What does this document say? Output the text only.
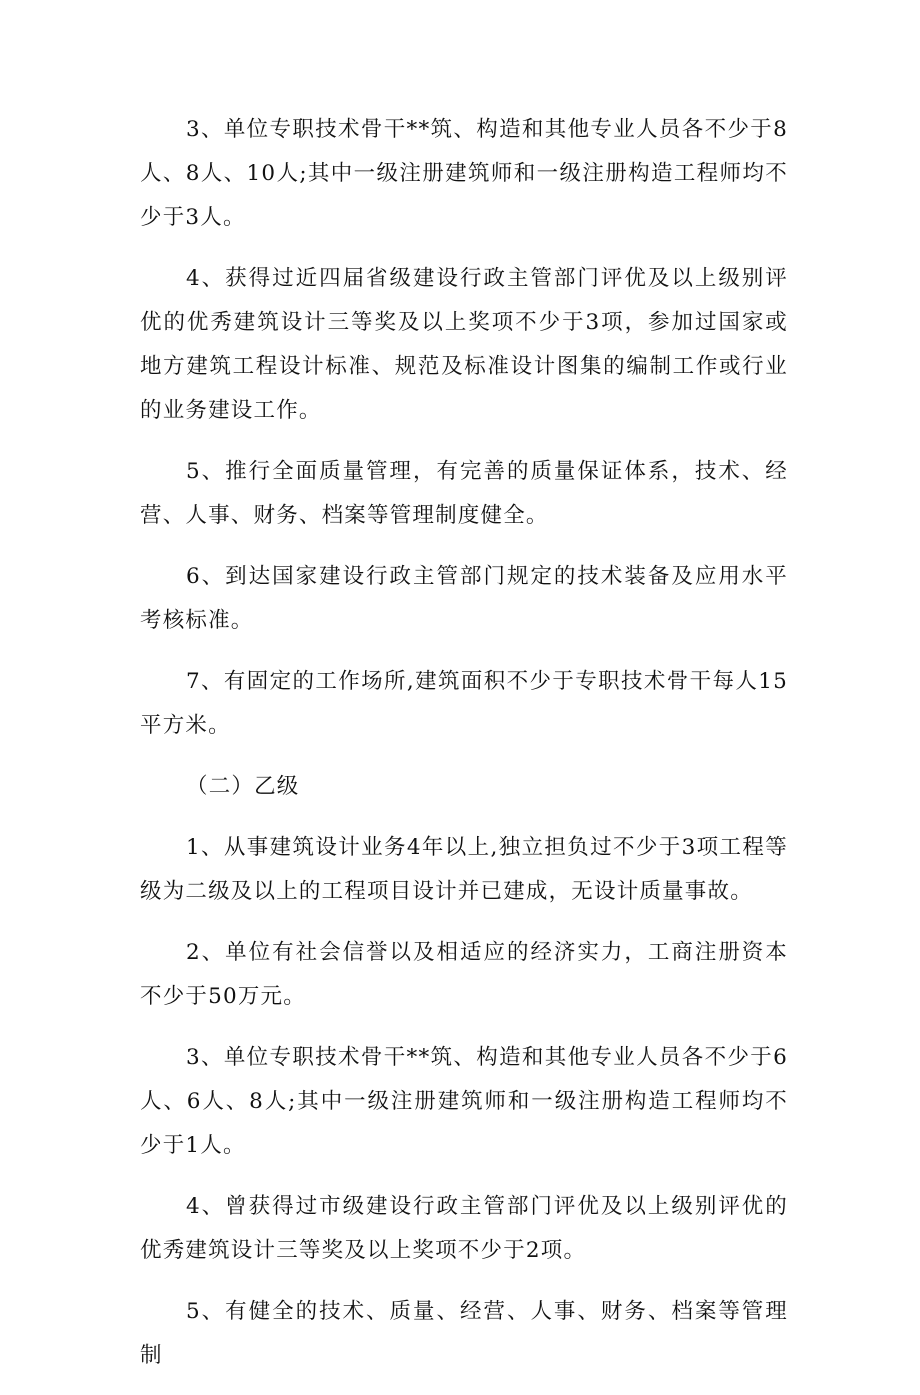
3、单位专职技术骨干**筑、构造和其他专业人员各不少于8人、8人、10人;其中一级注册建筑师和一级注册构造工程师均不少于3人。

4、获得过近四届省级建设行政主管部门评优及以上级别评优的优秀建筑设计三等奖及以上奖项不少于3项，参加过国家或地方建筑工程设计标准、规范及标准设计图集的编制工作或行业的业务建设工作。

5、推行全面质量管理，有完善的质量保证体系，技术、经营、人事、财务、档案等管理制度健全。

6、到达国家建设行政主管部门规定的技术装备及应用水平考核标准。

7、有固定的工作场所,建筑面积不少于专职技术骨干每人15平方米。

（二）乙级

1、从事建筑设计业务4年以上,独立担负过不少于3项工程等级为二级及以上的工程项目设计并已建成，无设计质量事故。

2、单位有社会信誉以及相适应的经济实力，工商注册资本不少于50万元。

3、单位专职技术骨干**筑、构造和其他专业人员各不少于6人、6人、8人;其中一级注册建筑师和一级注册构造工程师均不少于1人。

4、曾获得过市级建设行政主管部门评优及以上级别评优的优秀建筑设计三等奖及以上奖项不少于2项。

5、有健全的技术、质量、经营、人事、财务、档案等管理制
